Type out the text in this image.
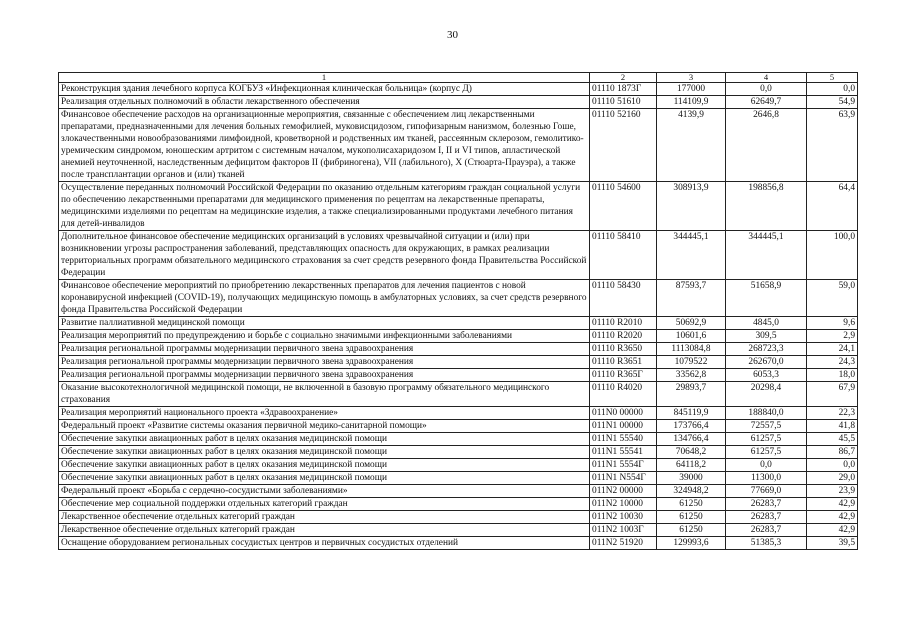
30
1	2	3	4	5
Реконструкция здания лечебного корпуса КОГБУЗ «Инфекционная клиническая больница» (корпус Д)	01110 1873Г	177000	0,0	0,0
Реализация отдельных полномочий в области лекарственного обеспечения	01110 51610	114109,9	62649,7	54,9
Финансовое обеспечение расходов на организационные мероприятия, связанные с обеспечением лиц лекарственными препаратами, предназначенными для лечения больных гемофилией, муковисцидозом, гипофизарным нанизмом, болезнью Гоше, злокачественными новообразованиями лимфоидной, кроветворной и родственных им тканей, рассеянным склерозом, гемолитико-уремическим синдромом, юношеским артритом с системным началом, мукополисахаридозом I, II и VI типов, апластической анемией неуточненной, наследственным дефицитом факторов II (фибриногена), VII (лабильного), Х (Стюарта-Прауэра), а также после трансплантации органов и (или) тканей	01110 52160	4139,9	2646,8	63,9
Осуществление переданных полномочий Российской Федерации по оказанию отдельным категориям граждан социальной услуги по обеспечению лекарственными препаратами для медицинского применения по рецептам на лекарственные препараты, медицинскими изделиями по рецептам на медицинские изделия, а также специализированными продуктами лечебного питания для детей-инвалидов	01110 54600	308913,9	198856,8	64,4
Дополнительное финансовое обеспечение медицинских организаций в условиях чрезвычайной ситуации и (или) при возникновении угрозы распространения заболеваний, представляющих опасность для окружающих, в рамках реализации территориальных программ обязательного медицинского страхования за счет средств резервного фонда Правительства Российской Федерации	01110 58410	344445,1	344445,1	100,0
Финансовое обеспечение мероприятий по приобретению лекарственных препаратов для лечения пациентов с новой коронавирусной инфекцией (COVID-19), получающих медицинскую помощь в амбулаторных условиях, за счет средств резервного фонда Правительства Российской Федерации	01110 58430	87593,7	51658,9	59,0
Развитие паллиативной медицинской помощи	01110 R2010	50692,9	4845,0	9,6
Реализация мероприятий по предупреждению и борьбе с социально значимыми инфекционными заболеваниями	01110 R2020	10601,6	309,5	2,9
Реализация региональной программы модернизации первичного звена здравоохранения	01110 R3650	1113084,8	268723,3	24,1
Реализация региональной программы модернизации первичного звена здравоохранения	01110 R3651	1079522	262670,0	24,3
Реализация региональной программы модернизации первичного звена здравоохранения	01110 R365Г	33562,8	6053,3	18,0
Оказание высокотехнологичной медицинской помощи, не включенной в базовую программу обязательного медицинского страхования	01110 R4020	29893,7	20298,4	67,9
Реализация мероприятий национального проекта «Здравоохранение»	011N0 00000	845119,9	188840,0	22,3
Федеральный проект «Развитие системы оказания первичной медико-санитарной помощи»	011N1 00000	173766,4	72557,5	41,8
Обеспечение закупки авиационных работ в целях оказания медицинской помощи	011N1 55540	134766,4	61257,5	45,5
Обеспечение закупки авиационных работ в целях оказания медицинской помощи	011N1 55541	70648,2	61257,5	86,7
Обеспечение закупки авиационных работ в целях оказания медицинской помощи	011N1 5554Г	64118,2	0,0	0,0
Обеспечение закупки авиационных работ в целях оказания медицинской помощи	011N1 N554Г	39000	11300,0	29,0
Федеральный проект «Борьба с сердечно-сосудистыми заболеваниями»	011N2 00000	324948,2	77669,0	23,9
Обеспечение мер социальной поддержки отдельных категорий граждан	011N2 10000	61250	26283,7	42,9
Лекарственное обеспечение отдельных категорий граждан	011N2 10030	61250	26283,7	42,9
Лекарственное обеспечение отдельных категорий граждан	011N2 1003Г	61250	26283,7	42,9
Оснащение оборудованием региональных сосудистых центров и первичных сосудистых отделений	011N2 51920	129993,6	51385,3	39,5
